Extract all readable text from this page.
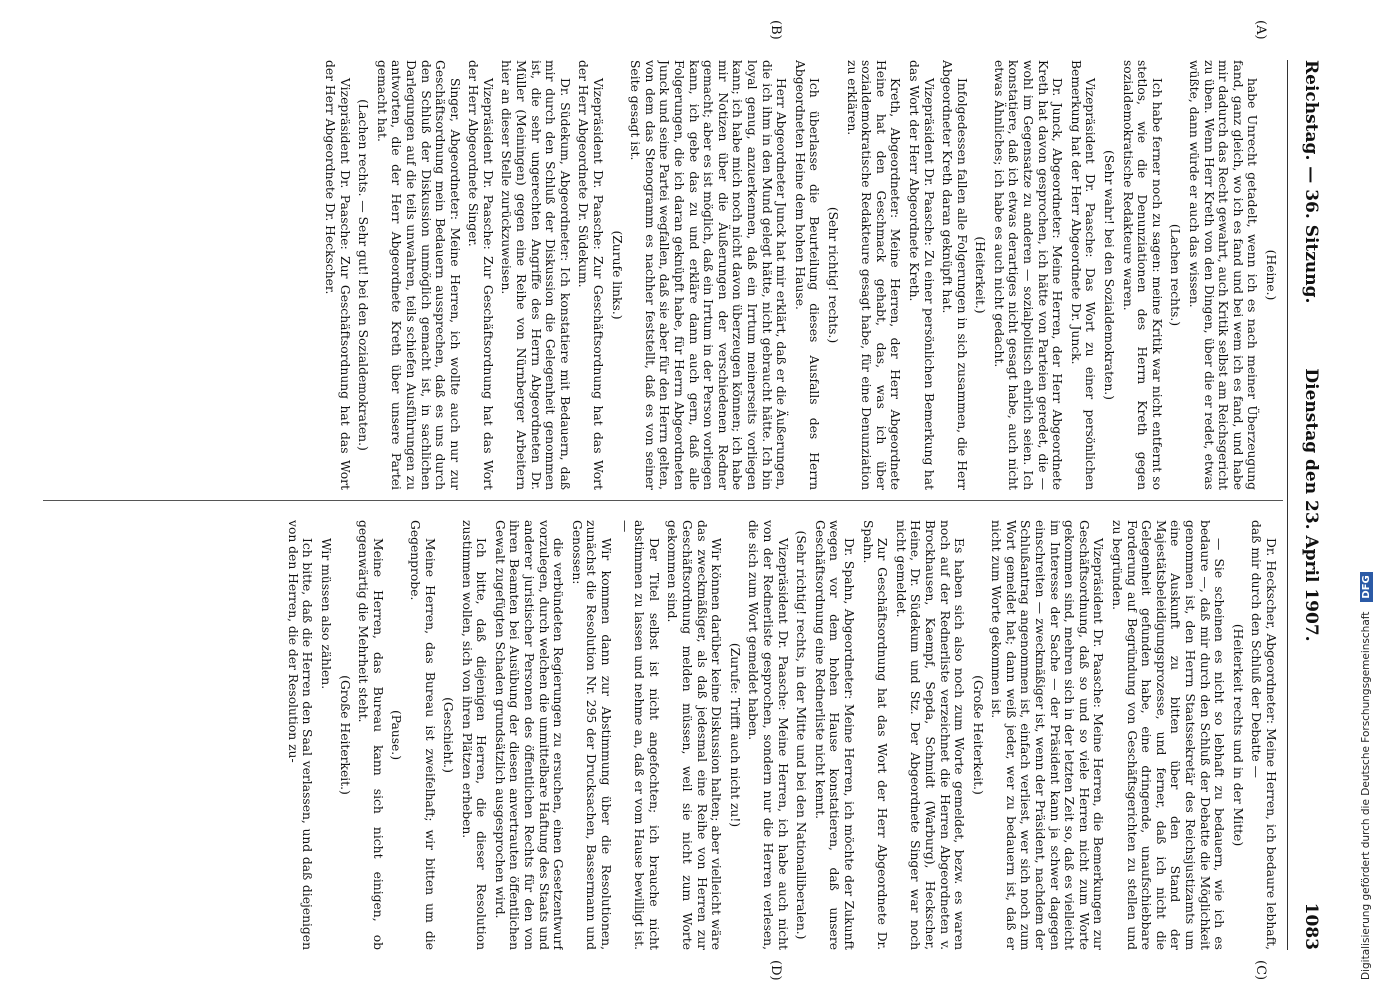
Reichstag. — 36. Sitzung.
Dienstag den 23. April 1907.
1083
(A)
(B)
(C)
(D)

(Heine.)

habe Unrecht getadelt, wenn ich es nach meiner Überzeugung fand, ganz gleich, wo ich es fand und bei wem ich es fand, und habe mir dadurch das Recht gewahrt, auch Kritik selbst am Reichsgericht zu üben. Wenn Herr Kreth von den Dingen, über die er redet, etwas wüßte, dann würde er auch das wissen.

(Lachen rechts.)

Ich habe ferner noch zu sagen: meine Kritik war nicht entfernt so stetlos, wie die Denunziationen des Herrn Kreth gegen sozialdemokratische Redakteure waren.

(Sehr wahr! bei den Sozialdemokraten.)

Vizepräsident Dr. Paasche: Das Wort zu einer persönlichen Bemerkung hat der Herr Abgeordnete Dr. Junck.

Dr. Junck, Abgeordneter: Meine Herren, der Herr Abgeordnete Kreth hat davon gesprochen, ich hätte von Parteien geredet, die — wohl im Gegensatze zu anderen — sozialpolitisch ehrlich seien. Ich konstatiere, daß ich etwas derartiges nicht gesagt habe, auch nicht etwas Ähnliches; ich habe es auch nicht gedacht.

(Heiterkeit.)

Infolgedessen fallen alle Folgerungen in sich zusammen, die Herr Abgeordneter Kreth daran geknüpft hat.

Vizepräsident Dr. Paasche: Zu einer persönlichen Bemerkung hat das Wort der Herr Abgeordnete Kreth.

Kreth, Abgeordneter: Meine Herren, der Herr Abgeordnete Heine hat den Geschmack gehabt, das, was ich über sozialdemokratische Redakteure gesagt habe, für eine Denunziation zu erklären.

(Sehr richtig! rechts.)

Ich überlasse die Beurteilung dieses Ausfalls des Herrn Abgeordneten Heine dem hohen Hause.

Herr Abgeordneter Junck hat mir erklärt, daß er die Äußerungen, die ich ihm in den Mund gelegt hätte, nicht gebraucht hätte. Ich bin loyal genug, anzuerkennen, daß ein Irrtum meinerseits vorliegen kann; ich habe mich noch nicht davon überzeugen können; ich habe mir Notizen über die Äußerungen der verschiedenen Redner gemacht; aber es ist möglich, daß ein Irrtum in der Person vorliegen kann, ich gebe das zu und erkläre dann auch gern, daß alle Folgerungen, die ich daran geknüpft habe, für Herrn Abgeordneten Junck und seine Partei wegfallen, daß sie aber für den Herrn gelten, von dem das Stenogramm es nachher feststellt, daß es von seiner Seite gesagt ist.

(Zurufe links.)

Vizepräsident Dr. Paasche: Zur Geschäftsordnung hat das Wort der Herr Abgeordnete Dr. Südekum.

Dr. Südekum, Abgeordneter: Ich konstatiere mit Bedauern, daß mir durch den Schluß der Diskussion die Gelegenheit genommen ist, die sehr ungerechten Angriffe des Herrn Abgeordneten Dr. Müller (Meiningen) gegen eine Reihe von Nürnberger Arbeitern hier an dieser Stelle zurückzuweisen.

Vizepräsident Dr. Paasche: Zur Geschäftsordnung hat das Wort der Herr Abgeordnete Singer.

Singer, Abgeordneter: Meine Herren, ich wollte auch nur zur Geschäftsordnung mein Bedauern aussprechen, daß es uns durch den Schluß der Diskussion unmöglich gemacht ist, in sachlichen Darlegungen auf die teils unwahren, teils schiefen Ausführungen zu antworten, die der Herr Abgeordnete Kreth über unsere Partei gemacht hat.

(Lachen rechts. — Sehr gut! bei den Sozialdemokraten.)

Vizepräsident Dr. Paasche: Zur Geschäftsordnung hat das Wort der Herr Abgeordnete Dr. Heckscher.

Dr. Heckscher, Abgeordneter: Meine Herren, ich bedaure lebhaft, daß mir durch den Schluß der Debatte —

(Heiterkeit rechts und in der Mitte)

— Sie scheinen es nicht so lebhaft zu bedauern, wie ich es bedaure —, daß mir durch den Schluß der Debatte die Möglichkeit genommen ist, den Herrn Staatssekretär des Reichsjustizamts um eine Auskunft zu bitten über den Stand der Majestätsbeleidigungsprozesse, und ferner, daß ich nicht die Gelegenheit gefunden habe, eine dringende, unaufschiebbare Forderung auf Begründung von Geschäftsgerichten zu stellen und zu begründen.

Vizepräsident Dr. Paasche: Meine Herren, die Bemerkungen zur Geschäftsordnung, daß so und so viele Herren nicht zum Worte gekommen sind, mehren sich in der letzten Zeit so, daß es vielleicht im Interesse der Sache — der Präsident kann ja schwer dagegen einschreiten — zweckmäßiger ist, wenn der Präsident, nachdem der Schlußantrag angenommen ist, einfach verliest, wer sich noch zum Wort gemeldet hat; dann weiß jeder, wer zu bedauern ist, daß er nicht zum Worte gekommen ist.

(Große Heiterkeit.)

Es haben sich also noch zum Worte gemeldet, bezw. es waren noch auf der Rednerliste verzeichnet die Herren Abgeordneten v. Brockhausen, Kaempf, Sepda, Schmidt (Warburg), Heckscher, Heine, Dr. Südekum und Stz. Der Abgeordnete Singer war noch nicht gemeldet.

Zur Geschäftsordnung hat das Wort der Herr Abgeordnete Dr. Spahn.

Dr. Spahn, Abgeordneter: Meine Herren, ich möchte der Zukunft wegen vor dem hohen Hause konstatieren, daß unsere Geschäftsordnung eine Rednerliste nicht kennt.

(Sehr richtig! rechts, in der Mitte und bei den Nationalliberalen.)

Vizepräsident Dr. Paasche: Meine Herren, ich habe auch nicht von der Rednerliste gesprochen, sondern nur die Herren verlesen, die sich zum Wort gemeldet haben.

(Zurufe: Trifft auch nicht zu!)

Wir können darüber keine Diskussion halten; aber vielleicht wäre das zweckmäßiger, als daß jedesmal eine Reihe von Herren zur Geschäftsordnung melden müssen, weil sie nicht zum Worte gekommen sind.

Der Titel selbst ist nicht angefochten; ich brauche nicht abstimmen zu lassen und nehme an, daß er vom Hause bewilligt ist. —

Wir kommen dann zur Abstimmung über die Resolutionen, zunächst die Resolution Nr. 295 der Drucksachen, Bassermann und Genossen:

die verbündeten Regierungen zu ersuchen, einen Gesetzentwurf vorzulegen, durch welchen die unmittelbare Haftung des Staats und anderer juristischer Personen des öffentlichen Rechts für den von ihren Beamten bei Ausübung der diesen anvertrauten öffentlichen Gewalt zugefügten Schaden grundsätzlich ausgesprochen wird.

Ich bitte, daß diejenigen Herren, die dieser Resolution zustimmen wollen, sich von ihren Plätzen erheben.

(Geschieht.)

Meine Herren, das Bureau ist zweifelhaft; wir bitten um die Gegenprobe.

(Pause.)

Meine Herren, das Bureau kann sich nicht einigen, ob gegenwärtig die Mehrheit steht.

(Große Heiterkeit.)

Wir müssen also zählen.

Ich bitte, daß die Herren den Saal verlassen, und daß diejenigen von den Herren, die der Resolution zu-	Digitalisierung gefördert durch die Deutsche Forschungsgemeinschaft
DFG
